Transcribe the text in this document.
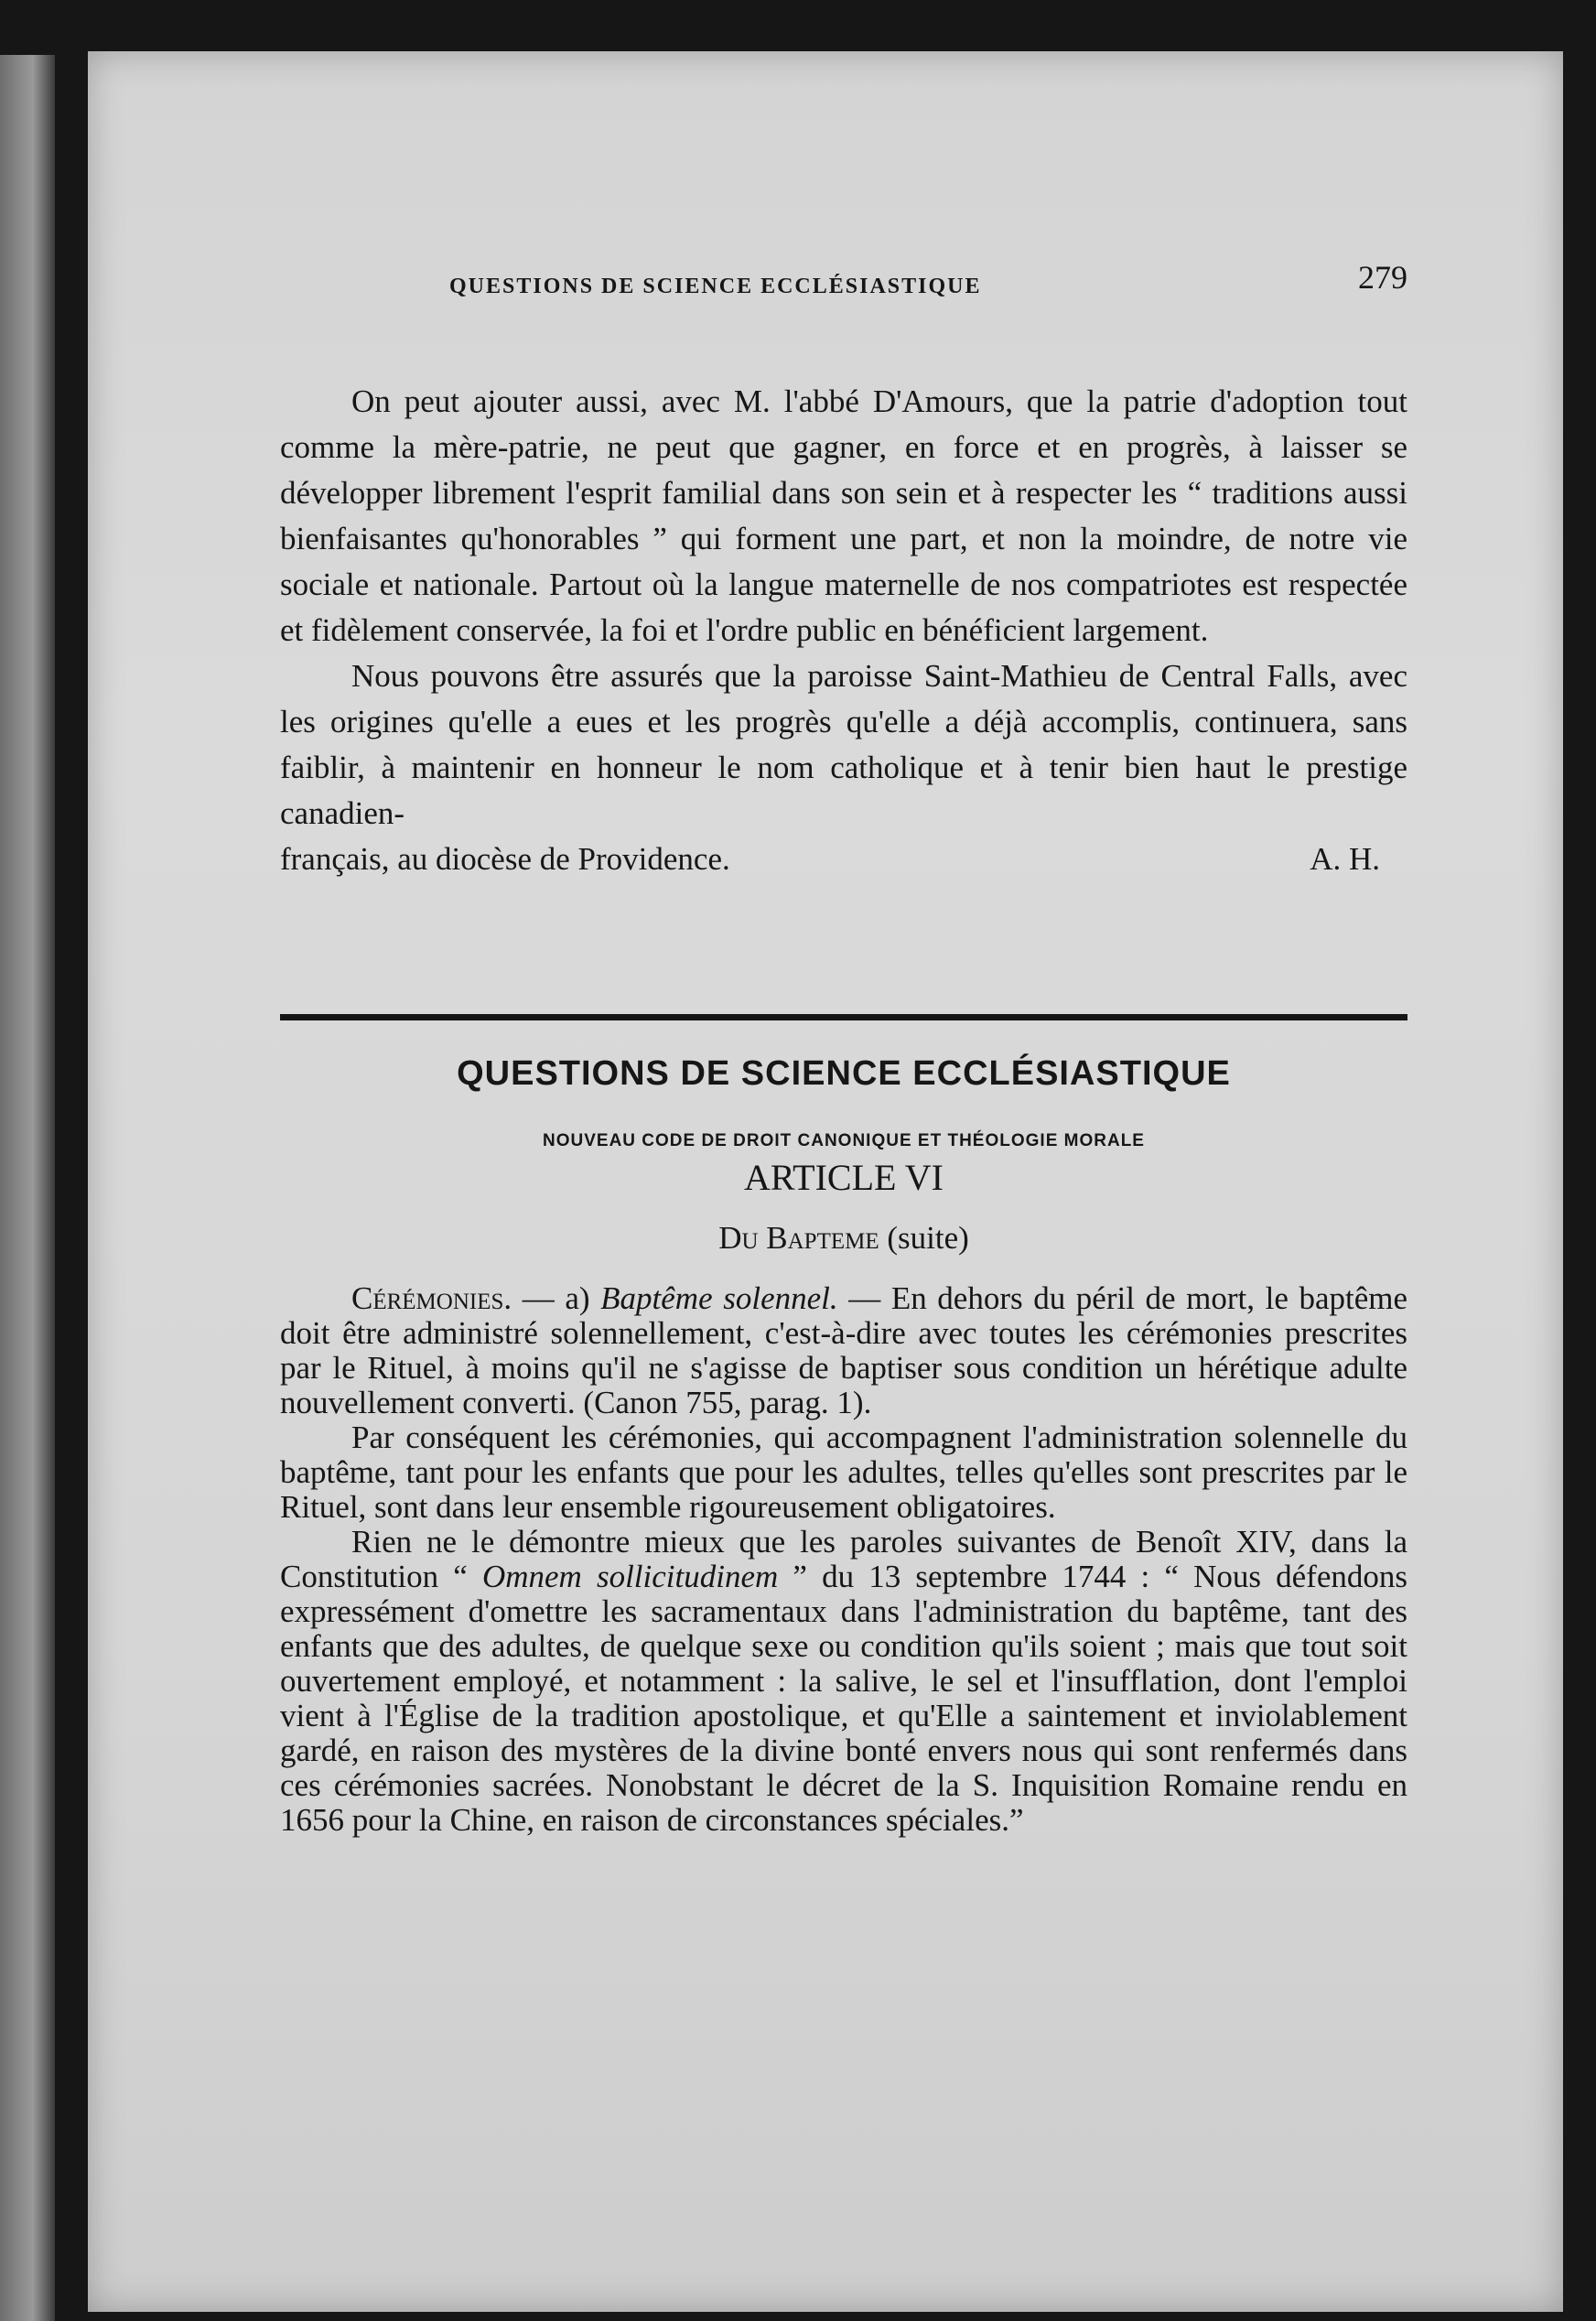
QUESTIONS DE SCIENCE ECCLÉSIASTIQUE	279

On peut ajouter aussi, avec M. l'abbé D'Amours, que la patrie d'adoption tout comme la mère-patrie, ne peut que gagner, en force et en progrès, à laisser se développer librement l'esprit familial dans son sein et à respecter les “ traditions aussi bienfaisantes qu'honorables ” qui forment une part, et non la moindre, de notre vie sociale et nationale. Partout où la langue maternelle de nos compatriotes est respectée et fidèlement conservée, la foi et l'ordre public en bénéficient largement.

Nous pouvons être assurés que la paroisse Saint-Mathieu de Central Falls, avec les origines qu'elle a eues et les progrès qu'elle a déjà accomplis, continuera, sans faiblir, à maintenir en honneur le nom catholique et à tenir bien haut le prestige canadien-

français, au diocèse de Providence.	A. H.

QUESTIONS DE SCIENCE ECCLÉSIASTIQUE
NOUVEAU CODE DE DROIT CANONIQUE ET THÉOLOGIE MORALE
ARTICLE VI
Du Bapteme (suite)

Cérémonies. — a) Baptême solennel. — En dehors du péril de mort, le baptême doit être administré solennellement, c'est-à-dire avec toutes les cérémonies prescrites par le Rituel, à moins qu'il ne s'agisse de baptiser sous condition un hérétique adulte nouvellement converti. (Canon 755, parag. 1).

Par conséquent les cérémonies, qui accompagnent l'administration solennelle du baptême, tant pour les enfants que pour les adultes, telles qu'elles sont prescrites par le Rituel, sont dans leur ensemble rigoureusement obligatoires.

Rien ne le démontre mieux que les paroles suivantes de Benoît XIV, dans la Constitution “ Omnem sollicitudinem ” du 13 septembre 1744 : “ Nous défendons expressément d'omettre les sacramentaux dans l'administration du baptême, tant des enfants que des adultes, de quelque sexe ou condition qu'ils soient ; mais que tout soit ouvertement employé, et notamment : la salive, le sel et l'insufflation, dont l'emploi vient à l'Église de la tradition apostolique, et qu'Elle a saintement et inviolablement gardé, en raison des mystères de la divine bonté envers nous qui sont renfermés dans ces cérémonies sacrées. Nonobstant le décret de la S. Inquisition Romaine rendu en 1656 pour la Chine, en raison de circonstances spéciales.”
